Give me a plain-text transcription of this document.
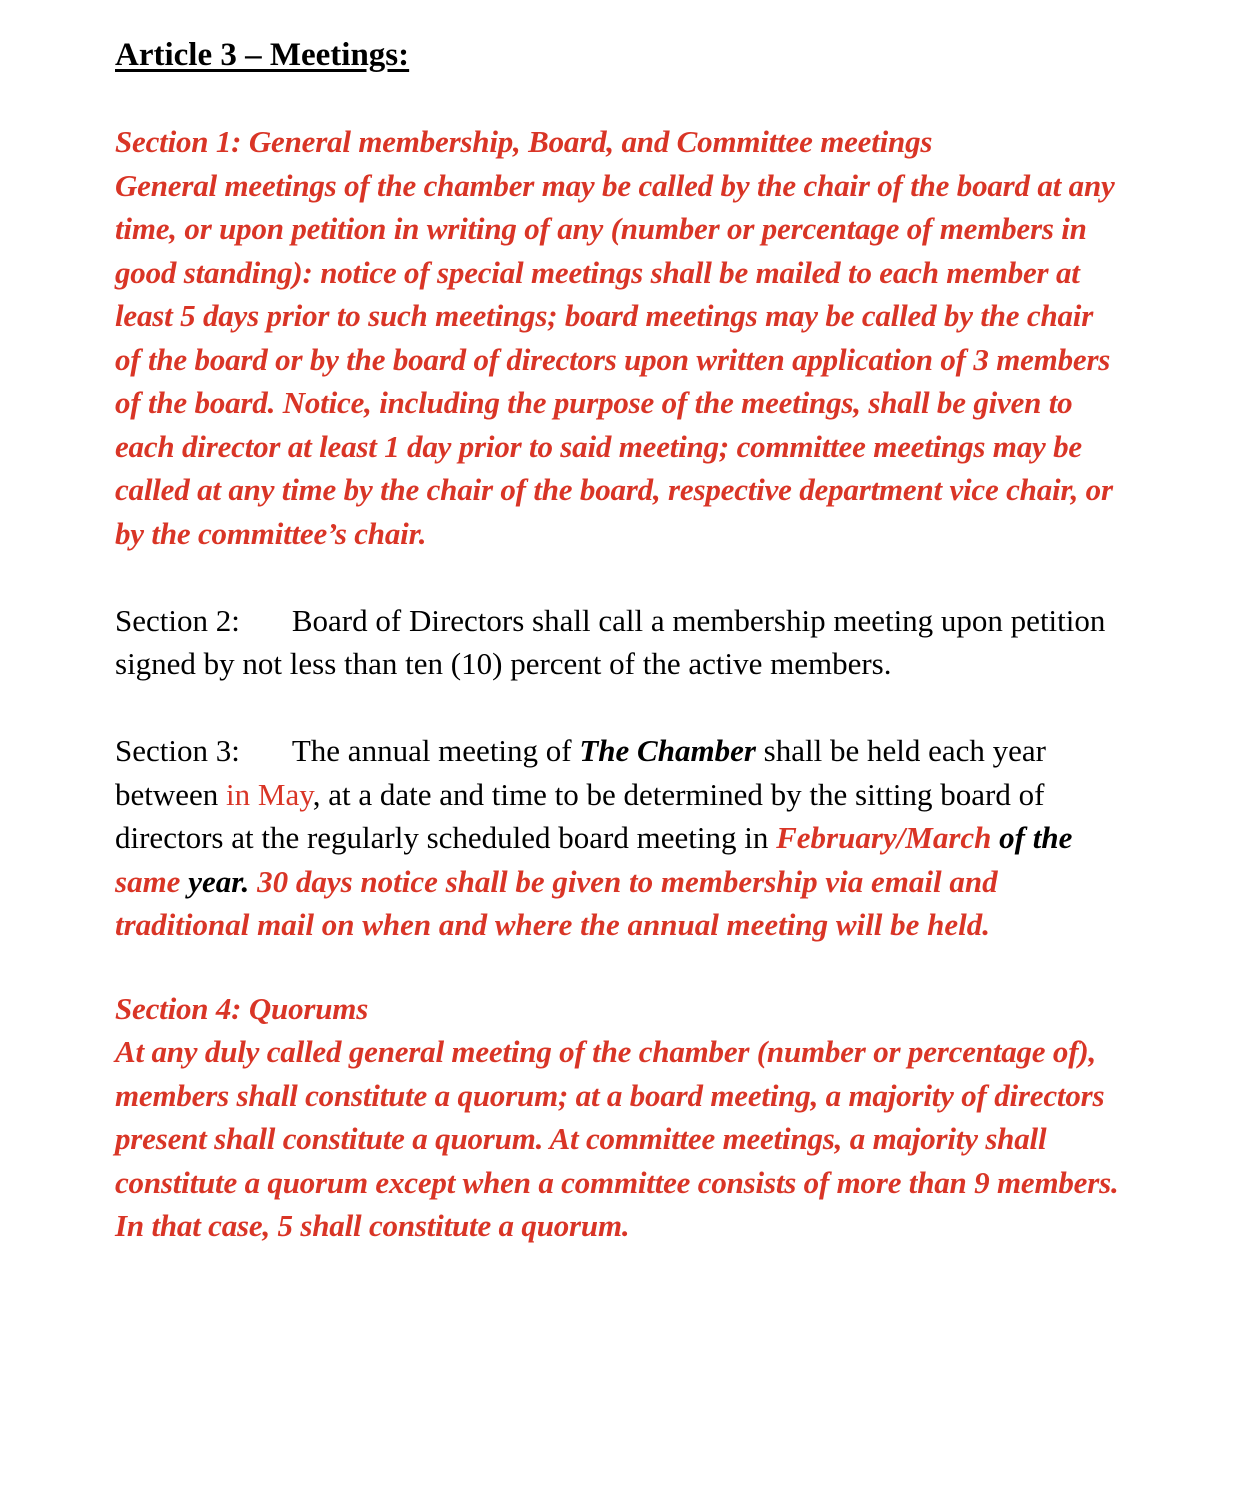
Article 3 – Meetings:

Section 1: General membership, Board, and Committee meetings
General meetings of the chamber may be called by the chair of the board at any time, or upon petition in writing of any (number or percentage of members in good standing): notice of special meetings shall be mailed to each member at least 5 days prior to such meetings; board meetings may be called by the chair of the board or by the board of directors upon written application of 3 members of the board. Notice, including the purpose of the meetings, shall be given to each director at least 1 day prior to said meeting; committee meetings may be called at any time by the chair of the board, respective department vice chair, or by the committee’s chair.

Section 2: Board of Directors shall call a membership meeting upon petition signed by not less than ten (10) percent of the active members.

Section 3: The annual meeting of The Chamber shall be held each year between in May, at a date and time to be determined by the sitting board of directors at the regularly scheduled board meeting in February/March of the same year. 30 days notice shall be given to membership via email and traditional mail on when and where the annual meeting will be held.

Section 4: Quorums
At any duly called general meeting of the chamber (number or percentage of), members shall constitute a quorum; at a board meeting, a majority of directors present shall constitute a quorum. At committee meetings, a majority shall constitute a quorum except when a committee consists of more than 9 members. In that case, 5 shall constitute a quorum.
